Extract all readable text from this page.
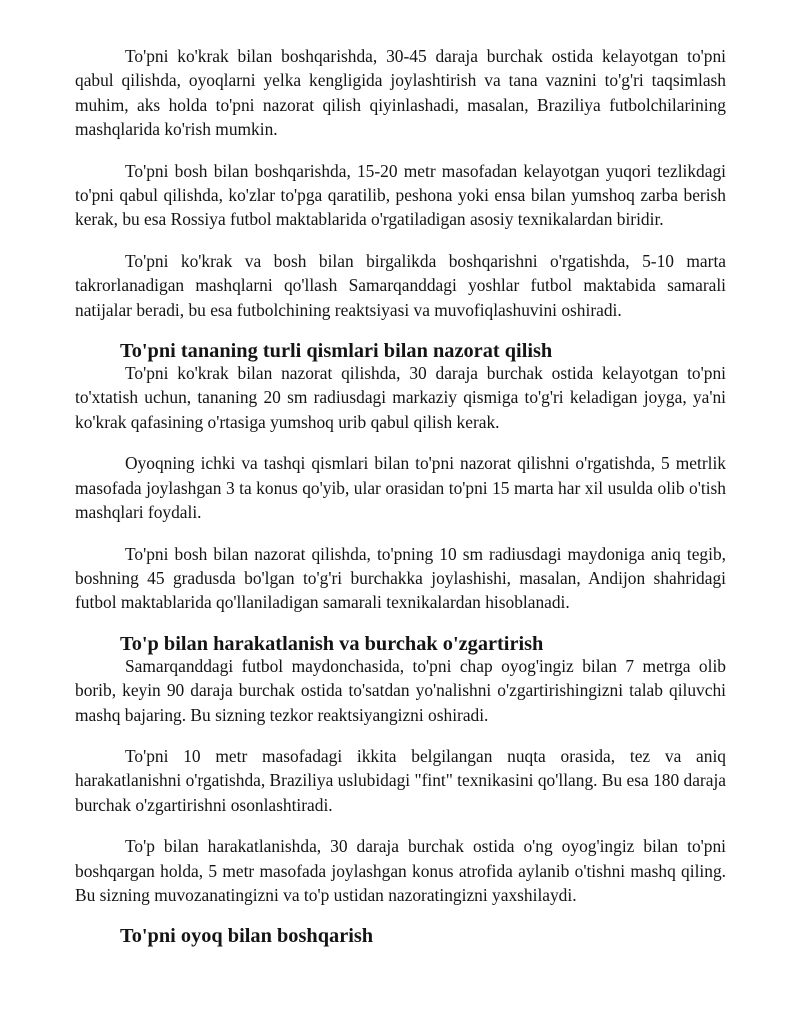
To'pni ko'krak bilan boshqarishda, 30-45 daraja burchak ostida kelayotgan to'pni qabul qilishda, oyoqlarni yelka kengligida joylashtirish va tana vaznini to'g'ri taqsimlash muhim, aks holda to'pni nazorat qilish qiyinlashadi, masalan, Braziliya futbolchilarining mashqlarida ko'rish mumkin.

To'pni bosh bilan boshqarishda, 15-20 metr masofadan kelayotgan yuqori tezlikdagi to'pni qabul qilishda, ko'zlar to'pga qaratilib, peshona yoki ensa bilan yumshoq zarba berish kerak, bu esa Rossiya futbol maktablarida o'rgatiladigan asosiy texnikalardan biridir.

To'pni ko'krak va bosh bilan birgalikda boshqarishni o'rgatishda, 5-10 marta takrorlanadigan mashqlarni qo'llash Samarqanddagi yoshlar futbol maktabida samarali natijalar beradi, bu esa futbolchining reaktsiyasi va muvofiqlashuvini oshiradi.

To'pni tananing turli qismlari bilan nazorat qilish

To'pni ko'krak bilan nazorat qilishda, 30 daraja burchak ostida kelayotgan to'pni to'xtatish uchun, tananing 20 sm radiusdagi markaziy qismiga to'g'ri keladigan joyga, ya'ni ko'krak qafasining o'rtasiga yumshoq urib qabul qilish kerak.

Oyoqning ichki va tashqi qismlari bilan to'pni nazorat qilishni o'rgatishda, 5 metrlik masofada joylashgan 3 ta konus qo'yib, ular orasidan to'pni 15 marta har xil usulda olib o'tish mashqlari foydali.

To'pni bosh bilan nazorat qilishda, to'pning 10 sm radiusdagi maydoniga aniq tegib, boshning 45 gradusda bo'lgan to'g'ri burchakka joylashishi, masalan, Andijon shahridagi futbol maktablarida qo'llaniladigan samarali texnikalardan hisoblanadi.

To'p bilan harakatlanish va burchak o'zgartirish

Samarqanddagi futbol maydonchasida, to'pni chap oyog'ingiz bilan 7 metrga olib borib, keyin 90 daraja burchak ostida to'satdan yo'nalishni o'zgartirishingizni talab qiluvchi mashq bajaring. Bu sizning tezkor reaktsiyangizni oshiradi.

To'pni 10 metr masofadagi ikkita belgilangan nuqta orasida, tez va aniq harakatlanishni o'rgatishda, Braziliya uslubidagi "fint" texnikasini qo'llang. Bu esa 180 daraja burchak o'zgartirishni osonlashtiradi.

To'p bilan harakatlanishda, 30 daraja burchak ostida o'ng oyog'ingiz bilan to'pni boshqargan holda, 5 metr masofada joylashgan konus atrofida aylanib o'tishni mashq qiling. Bu sizning muvozanatingizni va to'p ustidan nazoratingizni yaxshilaydi.

To'pni oyoq bilan boshqarish
